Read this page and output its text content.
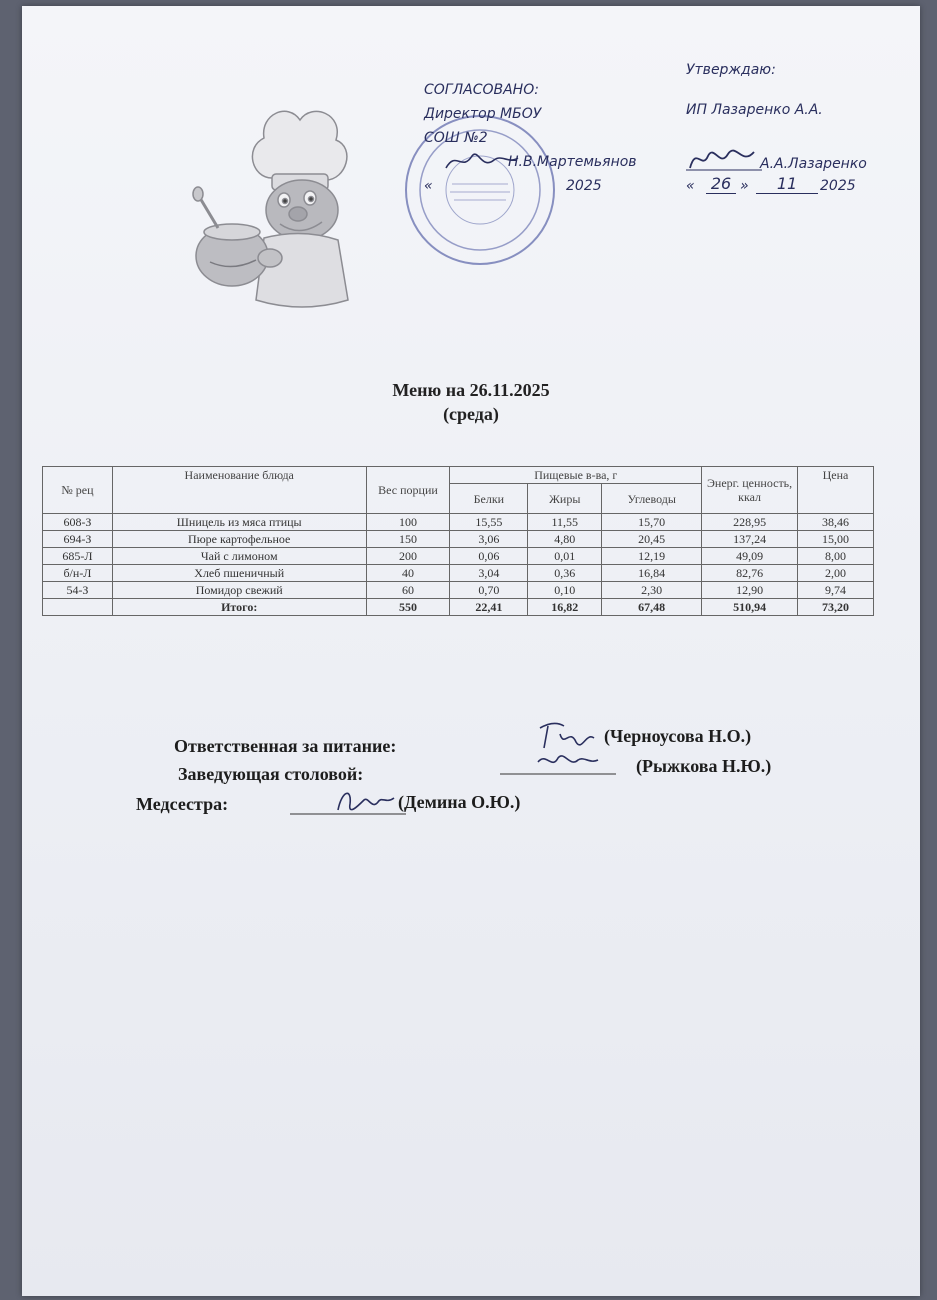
СОГЛАСОВАНО:
Директор МБОУ
СОШ №2
Н.В.Мартемьянов
«	2025
Утверждаю:
ИП Лазаренко А.А.
А.А.Лазаренко
«	26 »	11	2025
Меню на 26.11.2025
(среда)
№ рец	Наименование блюда	Вес порции	Пищевые в-ва, г			Энерг. ценность, ккал	Цена
			Белки	Жиры	Углеводы		
608-З	Шницель из мяса птицы	100	15,55	11,55	15,70	228,95	38,46
694-З	Пюре картофельное	150	3,06	4,80	20,45	137,24	15,00
685-Л	Чай с лимоном	200	0,06	0,01	12,19	49,09	8,00
б/н-Л	Хлеб пшеничный	40	3,04	0,36	16,84	82,76	2,00
54-З	Помидор свежий	60	0,70	0,10	2,30	12,90	9,74
	Итого:	550	22,41	16,82	67,48	510,94	73,20
Ответственная за питание:	(Черноусова Н.О.)
Заведующая столовой:	(Рыжкова Н.Ю.)
Медсестра:	(Демина О.Ю.)
